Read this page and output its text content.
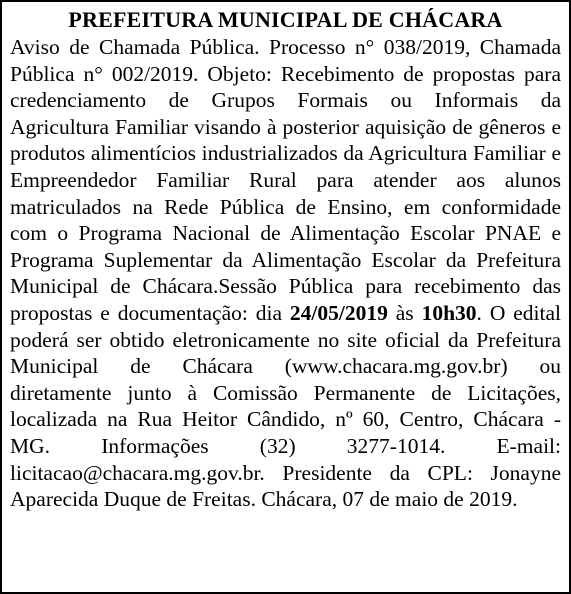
PREFEITURA MUNICIPAL DE CHÁCARA

Aviso de Chamada Pública. Processo n° 038/2019, Chamada Pública n° 002/2019. Objeto: Recebimento de propostas para credenciamento de Grupos Formais ou Informais da Agricultura Familiar visando à posterior aquisição de gêneros e produtos alimentícios industrializados da Agricultura Familiar e Empreendedor Familiar Rural para atender aos alunos matriculados na Rede Pública de Ensino, em conformidade com o Programa Nacional de Alimentação Escolar PNAE e Programa Suplementar da Alimentação Escolar da Prefeitura Municipal de Chácara.Sessão Pública para recebimento das propostas e documentação: dia 24/05/2019 às 10h30. O edital poderá ser obtido eletronicamente no site oficial da Prefeitura Municipal de Chácara (www.chacara.mg.gov.br) ou diretamente junto à Comissão Permanente de Licitações, localizada na Rua Heitor Cândido, nº 60, Centro, Chácara - MG. Informações (32) 3277-1014. E-mail: licitacao@chacara.mg.gov.br. Presidente da CPL: Jonayne Aparecida Duque de Freitas. Chácara, 07 de maio de 2019.
